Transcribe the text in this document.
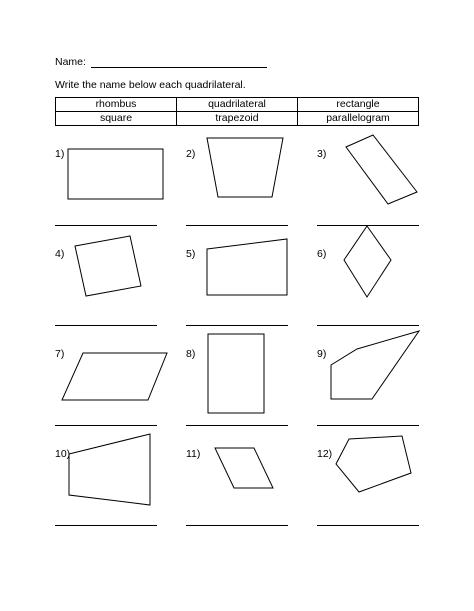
Name:
Write the name below each quadrilateral.
rhombus	quadrilateral	rectangle
square	trapezoid	parallelogram
1)	2)	3)
4)	5)	6)
7)	8)	9)
10)	11)	12)
